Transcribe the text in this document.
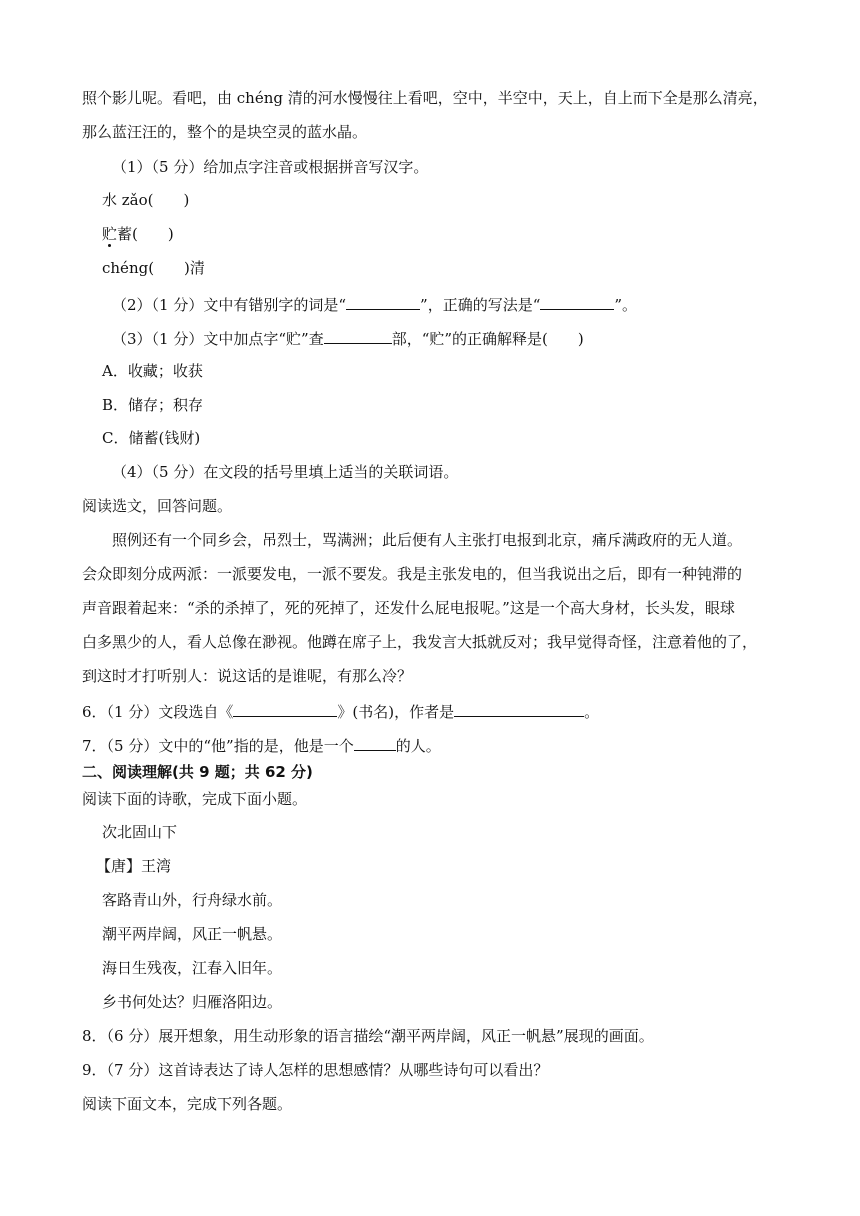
照个影儿呢。看吧，由 chéng 清的河水慢慢往上看吧，空中，半空中，天上，自上而下全是那么清亮，
那么蓝汪汪的，整个的是块空灵的蓝水晶。
（1）（5 分）给加点字注音或根据拼音写汉字。
水 zǎo(　　)
贮蓄(　　)
chéng(　　)清
（2）（1 分）文中有错别字的词是“	”，正确的写法是“	”。
（3）（1 分）文中加点字“贮”查	部，“贮”的正确解释是(　　)
A．收藏；收获
B．储存；积存
C．储蓄(钱财)
（4）（5 分）在文段的括号里填上适当的关联词语。
阅读选文，回答问题。
照例还有一个同乡会，吊烈士，骂满洲；此后便有人主张打电报到北京，痛斥满政府的无人道。
会众即刻分成两派：一派要发电，一派不要发。我是主张发电的，但当我说出之后，即有一种钝滞的
声音跟着起来：“杀的杀掉了，死的死掉了，还发什么屁电报呢。”这是一个高大身材，长头发，眼球
白多黑少的人，看人总像在渺视。他蹲在席子上，我发言大抵就反对；我早觉得奇怪，注意着他的了，
到这时才打听别人：说这话的是谁呢，有那么冷？
6．（1 分）文段选自《	》(书名)，作者是	。
7．（5 分）文中的“他”指的是，他是一个	的人。
二、阅读理解(共 9 题；共 62 分)
阅读下面的诗歌，完成下面小题。
次北固山下
【唐】王湾
客路青山外，行舟绿水前。
潮平两岸阔，风正一帆悬。
海日生残夜，江春入旧年。
乡书何处达？归雁洛阳边。
8．（6 分）展开想象，用生动形象的语言描绘“潮平两岸阔，风正一帆悬”展现的画面。
9．（7 分）这首诗表达了诗人怎样的思想感情？从哪些诗句可以看出？
阅读下面文本，完成下列各题。
